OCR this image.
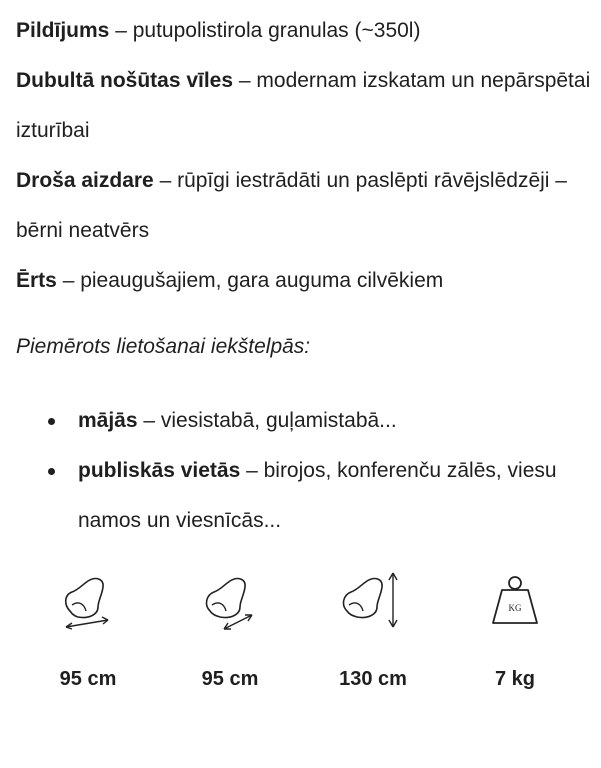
Pildījums – putupolistirola granulas (~350l)

Dubultā nošūtas vīles – modernam izskatam un nepārspētai izturībai

Droša aizdare – rūpīgi iestrādāti un paslēpti rāvējslēdzēji – bērni neatvērs

Ērts – pieaugušajiem, gara auguma cilvēkiem

Piemērots lietošanai iekštelpās:

mājās – viesistabā, guļamistabā...
publiskās vietās – birojos, konferenču zālēs, viesu namos un viesnīcās...
95 cm	95 cm	130 cm
KG
7 kg
